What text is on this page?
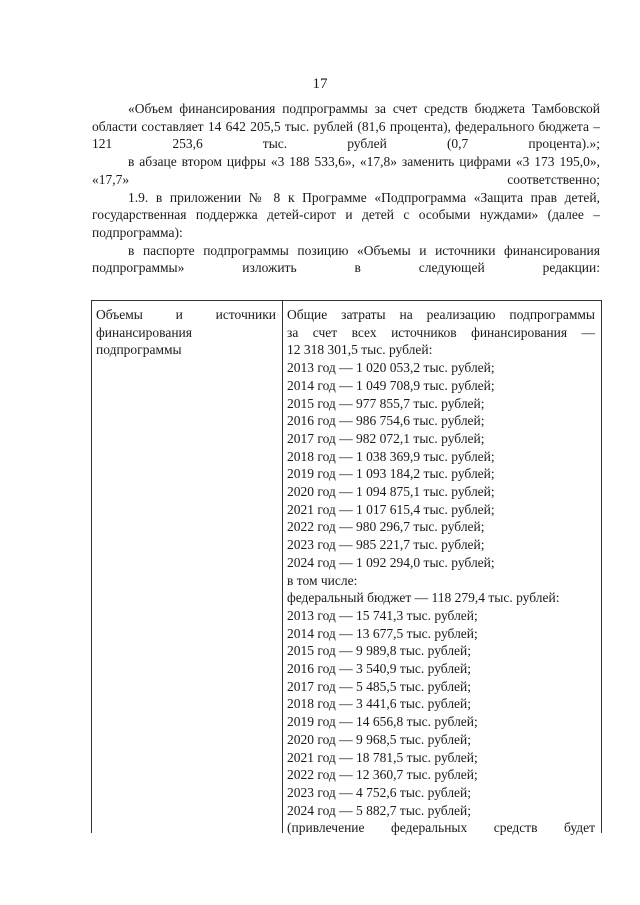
17

«Объем финансирования подпрограммы за счет средств бюджета Тамбовской области составляет 14 642 205,5 тыс. рублей (81,6 процента), федерального бюджета – 121 253,6 тыс. рублей (0,7 процента).»;

в абзаце втором цифры «3 188 533,6», «17,8» заменить цифрами «3 173 195,0», «17,7» соответственно;

1.9. в приложении № 8 к Программе «Подпрограмма «Защита прав детей, государственная поддержка детей-сирот и детей с особыми нуждами» (далее – подпрограмма):

в паспорте подпрограммы позицию «Объемы и источники финансирования подпрограммы» изложить в следующей редакции:

Объемы и источники
финансирования
подпрограммы
Общие затраты на реализацию подпрограммы
за счет всех источников финансирования —
12 318 301,5 тыс. рублей:
2013 год — 1 020 053,2 тыс. рублей;
2014 год — 1 049 708,9 тыс. рублей;
2015 год — 977 855,7 тыс. рублей;
2016 год — 986 754,6 тыс. рублей;
2017 год — 982 072,1 тыс. рублей;
2018 год — 1 038 369,9 тыс. рублей;
2019 год — 1 093 184,2 тыс. рублей;
2020 год — 1 094 875,1 тыс. рублей;
2021 год — 1 017 615,4 тыс. рублей;
2022 год — 980 296,7 тыс. рублей;
2023 год — 985 221,7 тыс. рублей;
2024 год — 1 092 294,0 тыс. рублей;
в том числе:
федеральный бюджет — 118 279,4 тыс. рублей:
2013 год — 15 741,3 тыс. рублей;
2014 год — 13 677,5 тыс. рублей;
2015 год — 9 989,8 тыс. рублей;
2016 год — 3 540,9 тыс. рублей;
2017 год — 5 485,5 тыс. рублей;
2018 год — 3 441,6 тыс. рублей;
2019 год — 14 656,8 тыс. рублей;
2020 год — 9 968,5 тыс. рублей;
2021 год — 18 781,5 тыс. рублей;
2022 год — 12 360,7 тыс. рублей;
2023 год — 4 752,6 тыс. рублей;
2024 год — 5 882,7 тыс. рублей;
(привлечение федеральных средств будет
